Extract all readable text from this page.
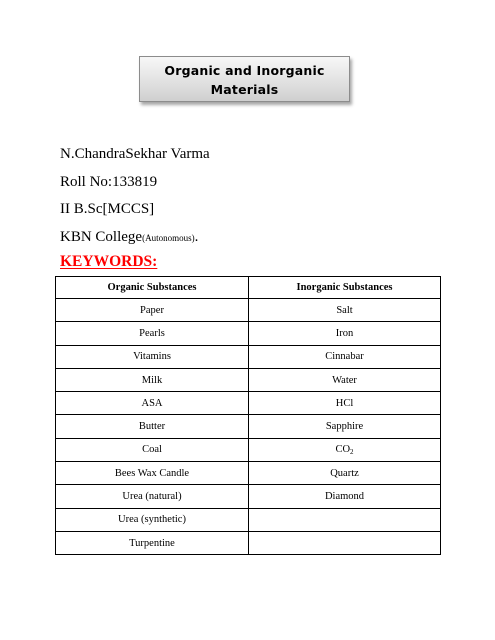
Organic and Inorganic
Materials
N.ChandraSekhar Varma
Roll No:133819
II B.Sc[MCCS]
KBN College(Autonomous).
KEYWORDS:
Organic Substances	Inorganic Substances
Paper	Salt
Pearls	Iron
Vitamins	Cinnabar
Milk	Water
ASA	HCl
Butter	Sapphire
Coal	$CO_2$
Bees Wax Candle	Quartz
Urea (natural)	Diamond
Urea (synthetic)	
Turpentine	
